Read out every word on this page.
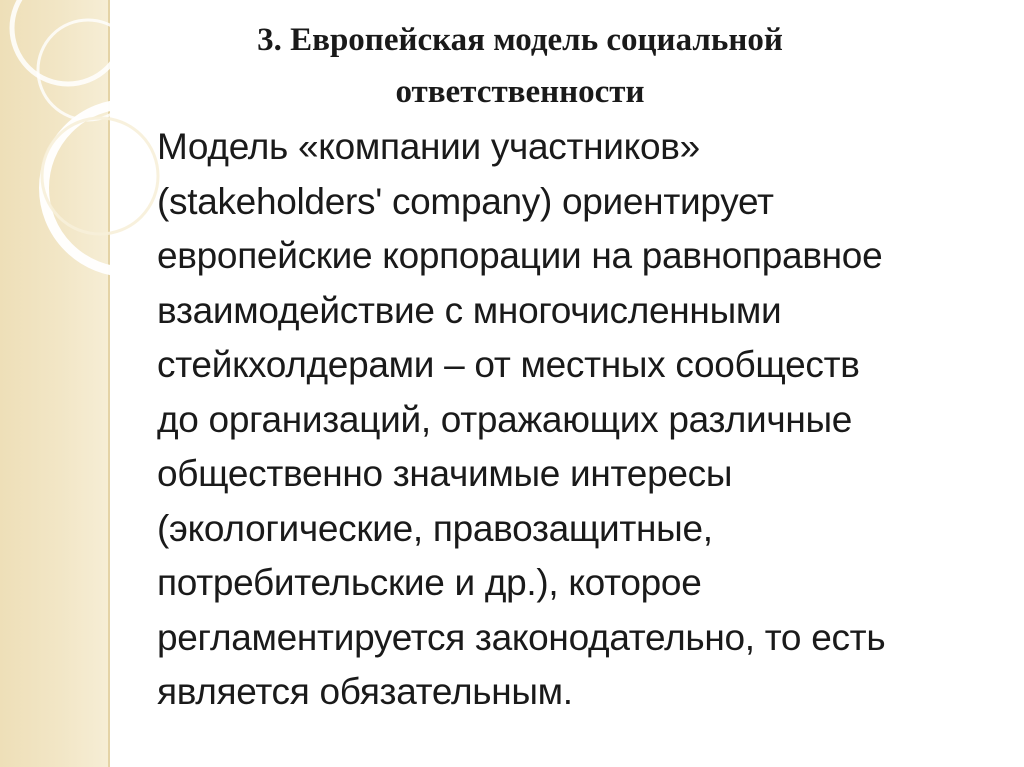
3. Европейская модель социальной
ответственности

Модель «компании участников»
(stakeholders' company) ориентирует
европейские корпорации на равноправное
взаимодействие с многочисленными
стейкхолдерами – от местных сообществ
до организаций, отражающих различные
общественно значимые интересы
(экологические, правозащитные,
потребительские и др.), которое
регламентируется законодательно, то есть
является обязательным.
